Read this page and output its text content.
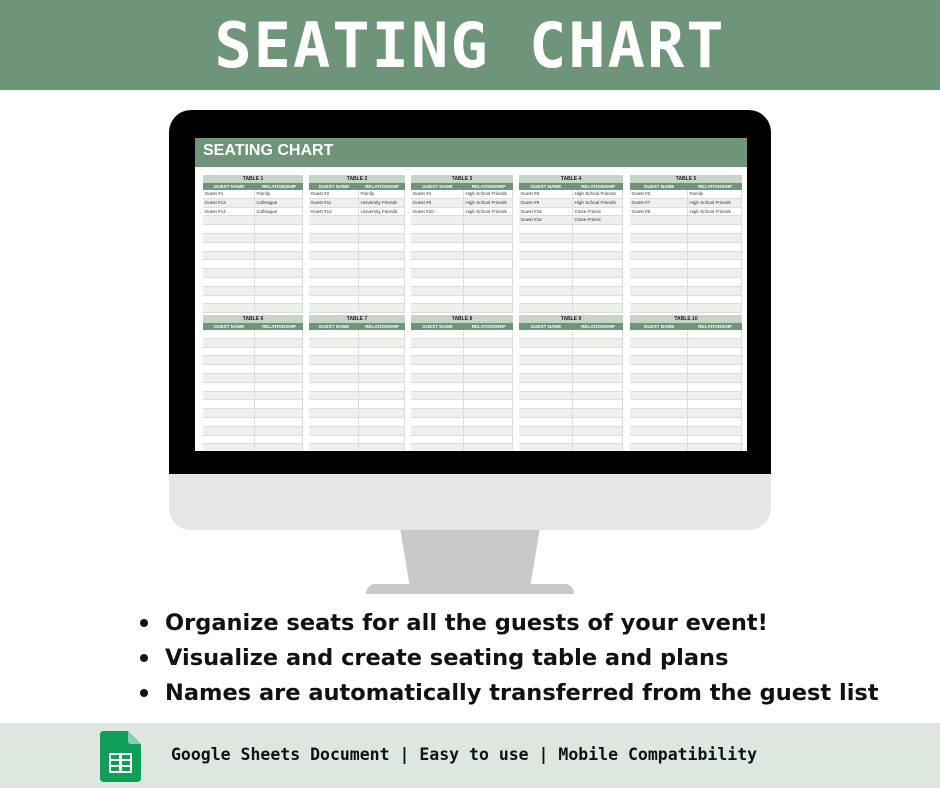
SEATING CHART
SEATING CHART
TABLE 1
GUEST NAME	RELATIONSHIP
Guest #1	Family
Guest #13	Colleague
Guest #14	Colleague
TABLE 2
GUEST NAME	RELATIONSHIP
Guest #2	Family
Guest #11	University Friends
Guest #12	University Friends
TABLE 3
GUEST NAME	RELATIONSHIP
Guest #4	High School Friends
Guest #5	High School Friends
Guest #10	High School Friends
TABLE 4
GUEST NAME	RELATIONSHIP
Guest #6	High School Friends
Guest #9	High School Friends
Guest #15	Close Friend
Guest #16	Close Friend
TABLE 5
GUEST NAME	RELATIONSHIP
Guest #3	Family
Guest #7	High School Friends
Guest #8	High School Friends
TABLE 6
GUEST NAME	RELATIONSHIP
TABLE 7
GUEST NAME	RELATIONSHIP
TABLE 8
GUEST NAME	RELATIONSHIP
TABLE 9
GUEST NAME	RELATIONSHIP
TABLE 10
GUEST NAME	RELATIONSHIP
Organize seats for all the guests of your event!
Visualize and create seating table and plans
Names are automatically transferred from the guest list
Google Sheets Document | Easy to use | Mobile Compatibility
